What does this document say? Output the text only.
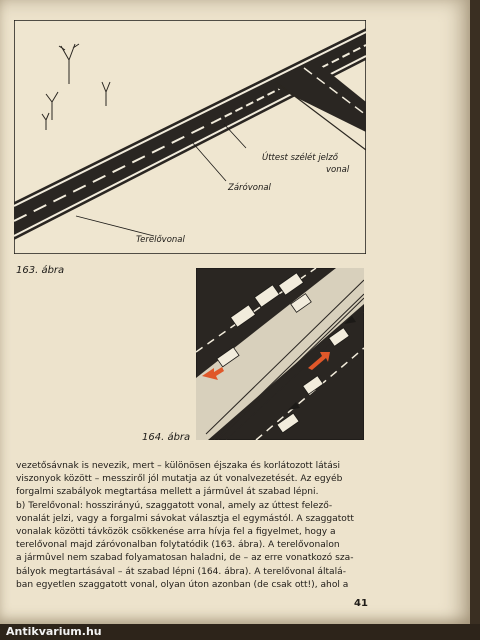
Úttest szélét jelző
vonal
Záróvonal
Terelővonal
163. ábra
164. ábra

vezetősávnak is nevezik, mert – különösen éjszaka és korlátozott látási

viszonyok között – messziről jól mutatja az út vonalvezetését. Az egyéb

forgalmi szabályok megtartása mellett a jármûvel át szabad lépni.

b) Terelővonal: hosszirányú, szaggatott vonal, amely az úttest felező-

vonalát jelzi, vagy a forgalmi sávokat választja el egymástól. A szaggatott

vonalak közötti távközök csökkenése arra hívja fel a figyelmet, hogy a

terelővonal majd záróvonalban folytatódik (163. ábra). A terelővonalon

a jármûvel nem szabad folyamatosan haladni, de – az erre vonatkozó sza-

bályok megtartásával – át szabad lépni (164. ábra). A terelővonal általá-

ban egyetlen szaggatott vonal, olyan úton azonban (de csak ott!), ahol a

41
Antikvarium.hu
